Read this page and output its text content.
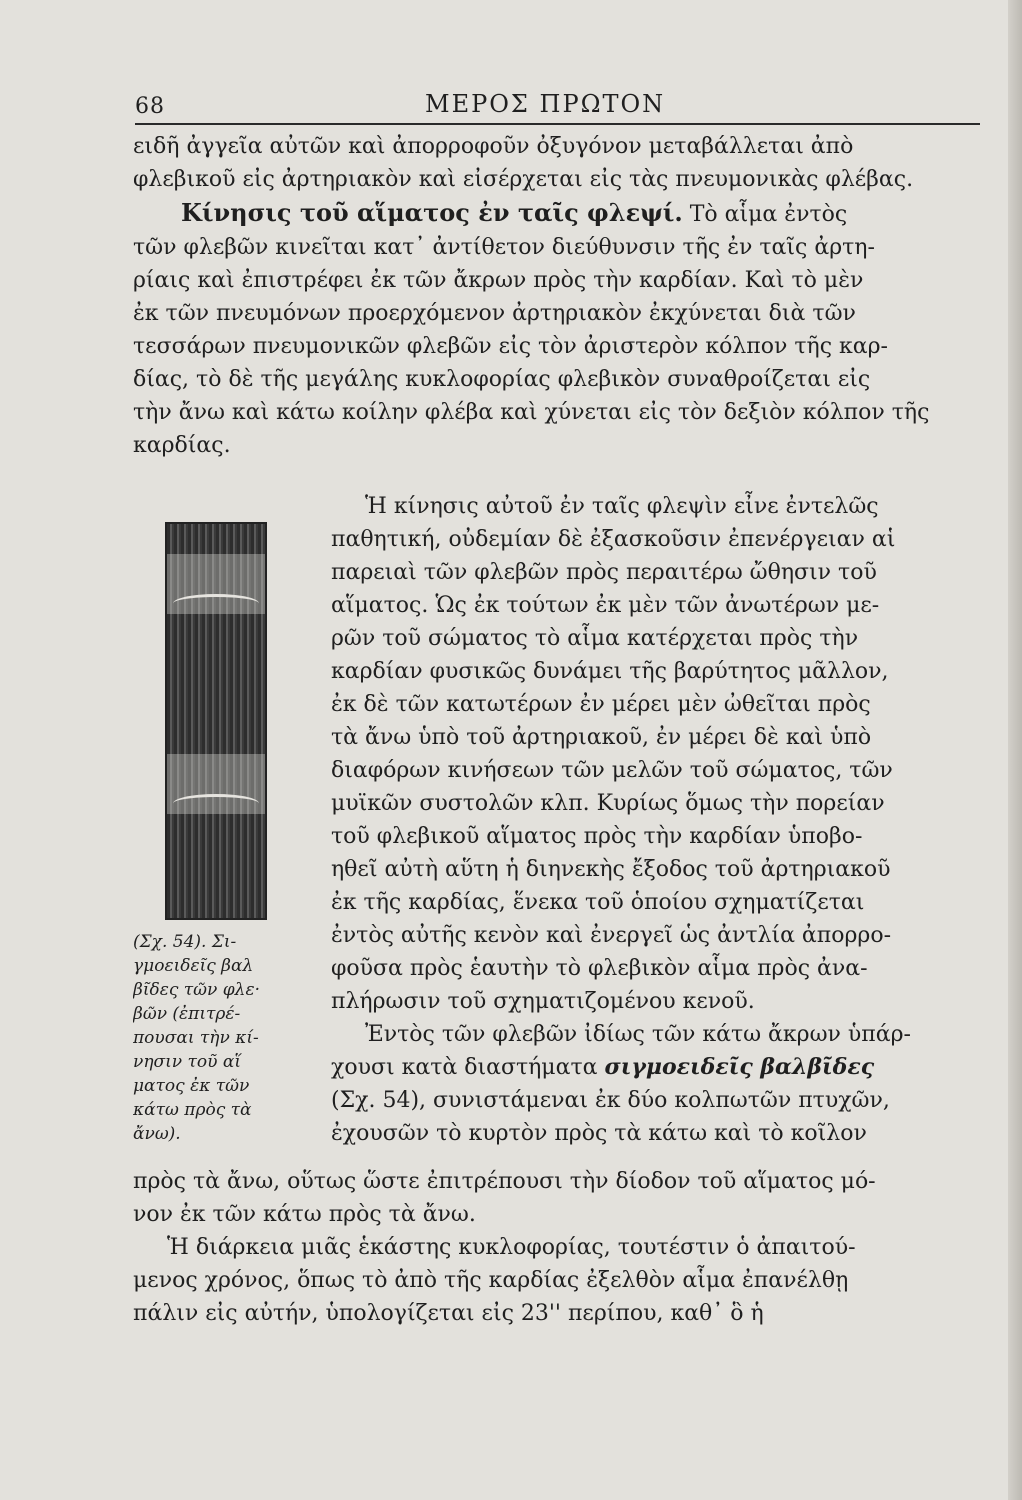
68	ΜΕΡΟΣ ΠΡΩΤΟΝ
ειδῆ ἀγγεῖα αὐτῶν καὶ ἀπορροφοῦν ὀξυγόνον μεταβάλλεται ἀπὸ
φλεβικοῦ εἰς ἀρτηριακὸν καὶ εἰσέρχεται εἰς τὰς πνευμονικὰς φλέβας.
Κίνησις τοῦ αἵματος ἐν ταῖς φλεψί. Τὸ αἷμα ἐντὸς
τῶν φλεβῶν κινεῖται κατ᾽ ἀντίθετον διεύθυνσιν τῆς ἐν ταῖς ἀρτη-
ρίαις καὶ ἐπιστρέφει ἐκ τῶν ἄκρων πρὸς τὴν καρδίαν. Καὶ τὸ μὲν
ἐκ τῶν πνευμόνων προερχόμενον ἀρτηριακὸν ἐκχύνεται διὰ τῶν
τεσσάρων πνευμονικῶν φλεβῶν εἰς τὸν ἀριστερὸν κόλπον τῆς καρ-
δίας, τὸ δὲ τῆς μεγάλης κυκλοφορίας φλεβικὸν συναθροίζεται εἰς
τὴν ἄνω καὶ κάτω κοίλην φλέβα καὶ χύνεται εἰς τὸν δεξιὸν κόλπον τῆς
καρδίας.
(Σχ. 54). Σι-
γμοειδεῖς βαλ
βῖδες τῶν φλε·
βῶν (ἐπιτρέ-
πουσαι τὴν κί-
νησιν τοῦ αἵ
ματος ἐκ τῶν
κάτω πρὸς τὰ
ἄνω).
Ἡ κίνησις αὐτοῦ ἐν ταῖς φλεψὶν εἶνε ἐντελῶς
παθητική, οὐδεμίαν δὲ ἐξασκοῦσιν ἐπενέργειαν αἱ
παρειαὶ τῶν φλεβῶν πρὸς περαιτέρω ὤθησιν τοῦ
αἵματος. Ὡς ἐκ τούτων ἐκ μὲν τῶν ἀνωτέρων με-
ρῶν τοῦ σώματος τὸ αἷμα κατέρχεται πρὸς τὴν
καρδίαν φυσικῶς δυνάμει τῆς βαρύτητος μᾶλλον,
ἐκ δὲ τῶν κατωτέρων ἐν μέρει μὲν ὠθεῖται πρὸς
τὰ ἄνω ὑπὸ τοῦ ἀρτηριακοῦ, ἐν μέρει δὲ καὶ ὑπὸ
διαφόρων κινήσεων τῶν μελῶν τοῦ σώματος, τῶν
μυϊκῶν συστολῶν κλπ. Κυρίως ὅμως τὴν πορείαν
τοῦ φλεβικοῦ αἵματος πρὸς τὴν καρδίαν ὑποβο-
ηθεῖ αὐτὴ αὕτη ἡ διηνεκὴς ἔξοδος τοῦ ἀρτηριακοῦ
ἐκ τῆς καρδίας, ἕνεκα τοῦ ὁποίου σχηματίζεται
ἐντὸς αὐτῆς κενὸν καὶ ἐνεργεῖ ὡς ἀντλία ἀπορρο-
φοῦσα πρὸς ἑαυτὴν τὸ φλεβικὸν αἷμα πρὸς ἀνα-
πλήρωσιν τοῦ σχηματιζομένου κενοῦ.
Ἐντὸς τῶν φλεβῶν ἰδίως τῶν κάτω ἄκρων ὑπάρ-
χουσι κατὰ διαστήματα σιγμοειδεῖς βαλβῖδες
(Σχ. 54), συνιστάμεναι ἐκ δύο κολπωτῶν πτυχῶν,
ἐχουσῶν τὸ κυρτὸν πρὸς τὰ κάτω καὶ τὸ κοῖλον
πρὸς τὰ ἄνω, οὕτως ὥστε ἐπιτρέπουσι τὴν δίοδον τοῦ αἵματος μό-
νον ἐκ τῶν κάτω πρὸς τὰ ἄνω.
Ἡ διάρκεια μιᾶς ἑκάστης κυκλοφορίας, τουτέστιν ὁ ἀπαιτού-
μενος χρόνος, ὅπως τὸ ἀπὸ τῆς καρδίας ἐξελθὸν αἷμα ἐπανέλθῃ
πάλιν εἰς αὐτήν, ὑπολογίζεται εἰς 23'' περίπου, καθ᾽ ὃ ἡ
